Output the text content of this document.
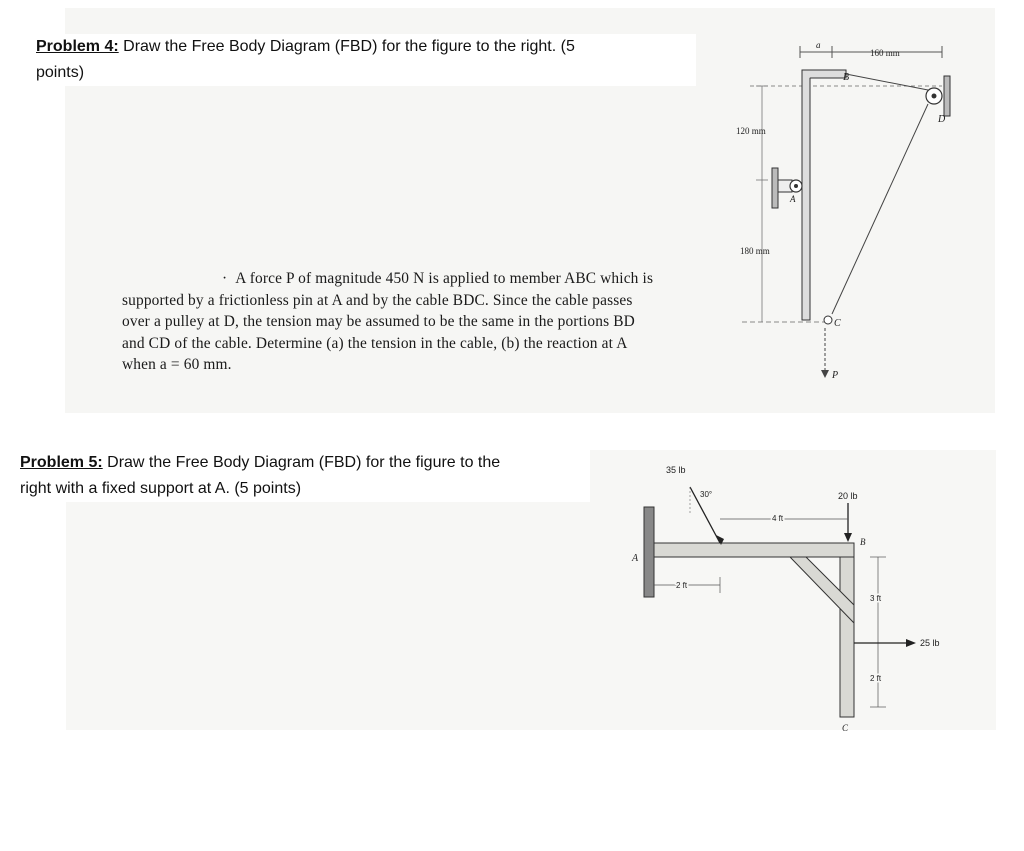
Problem 4: Draw the Free Body Diagram (FBD) for the figure to the right. (5
points)

·  A force P of magnitude 450 N is applied to member ABC which is

supported by a frictionless pin at A and by the cable BDC. Since the cable passes

over a pulley at D, the tension may be assumed to be the same in the portions BD

and CD of the cable. Determine (a) the tension in the cable, (b) the reaction at A

when a = 60 mm.

a
160 mm
120 mm
180 mm
B
A
D
C
P
Problem 5: Draw the Free Body Diagram (FBD) for the figure to the
right with a fixed support at A. (5 points)
A
B
C
35 lb
30°	20 lb
4 ft
2 ft
3 ft
2 ft
25 lb
